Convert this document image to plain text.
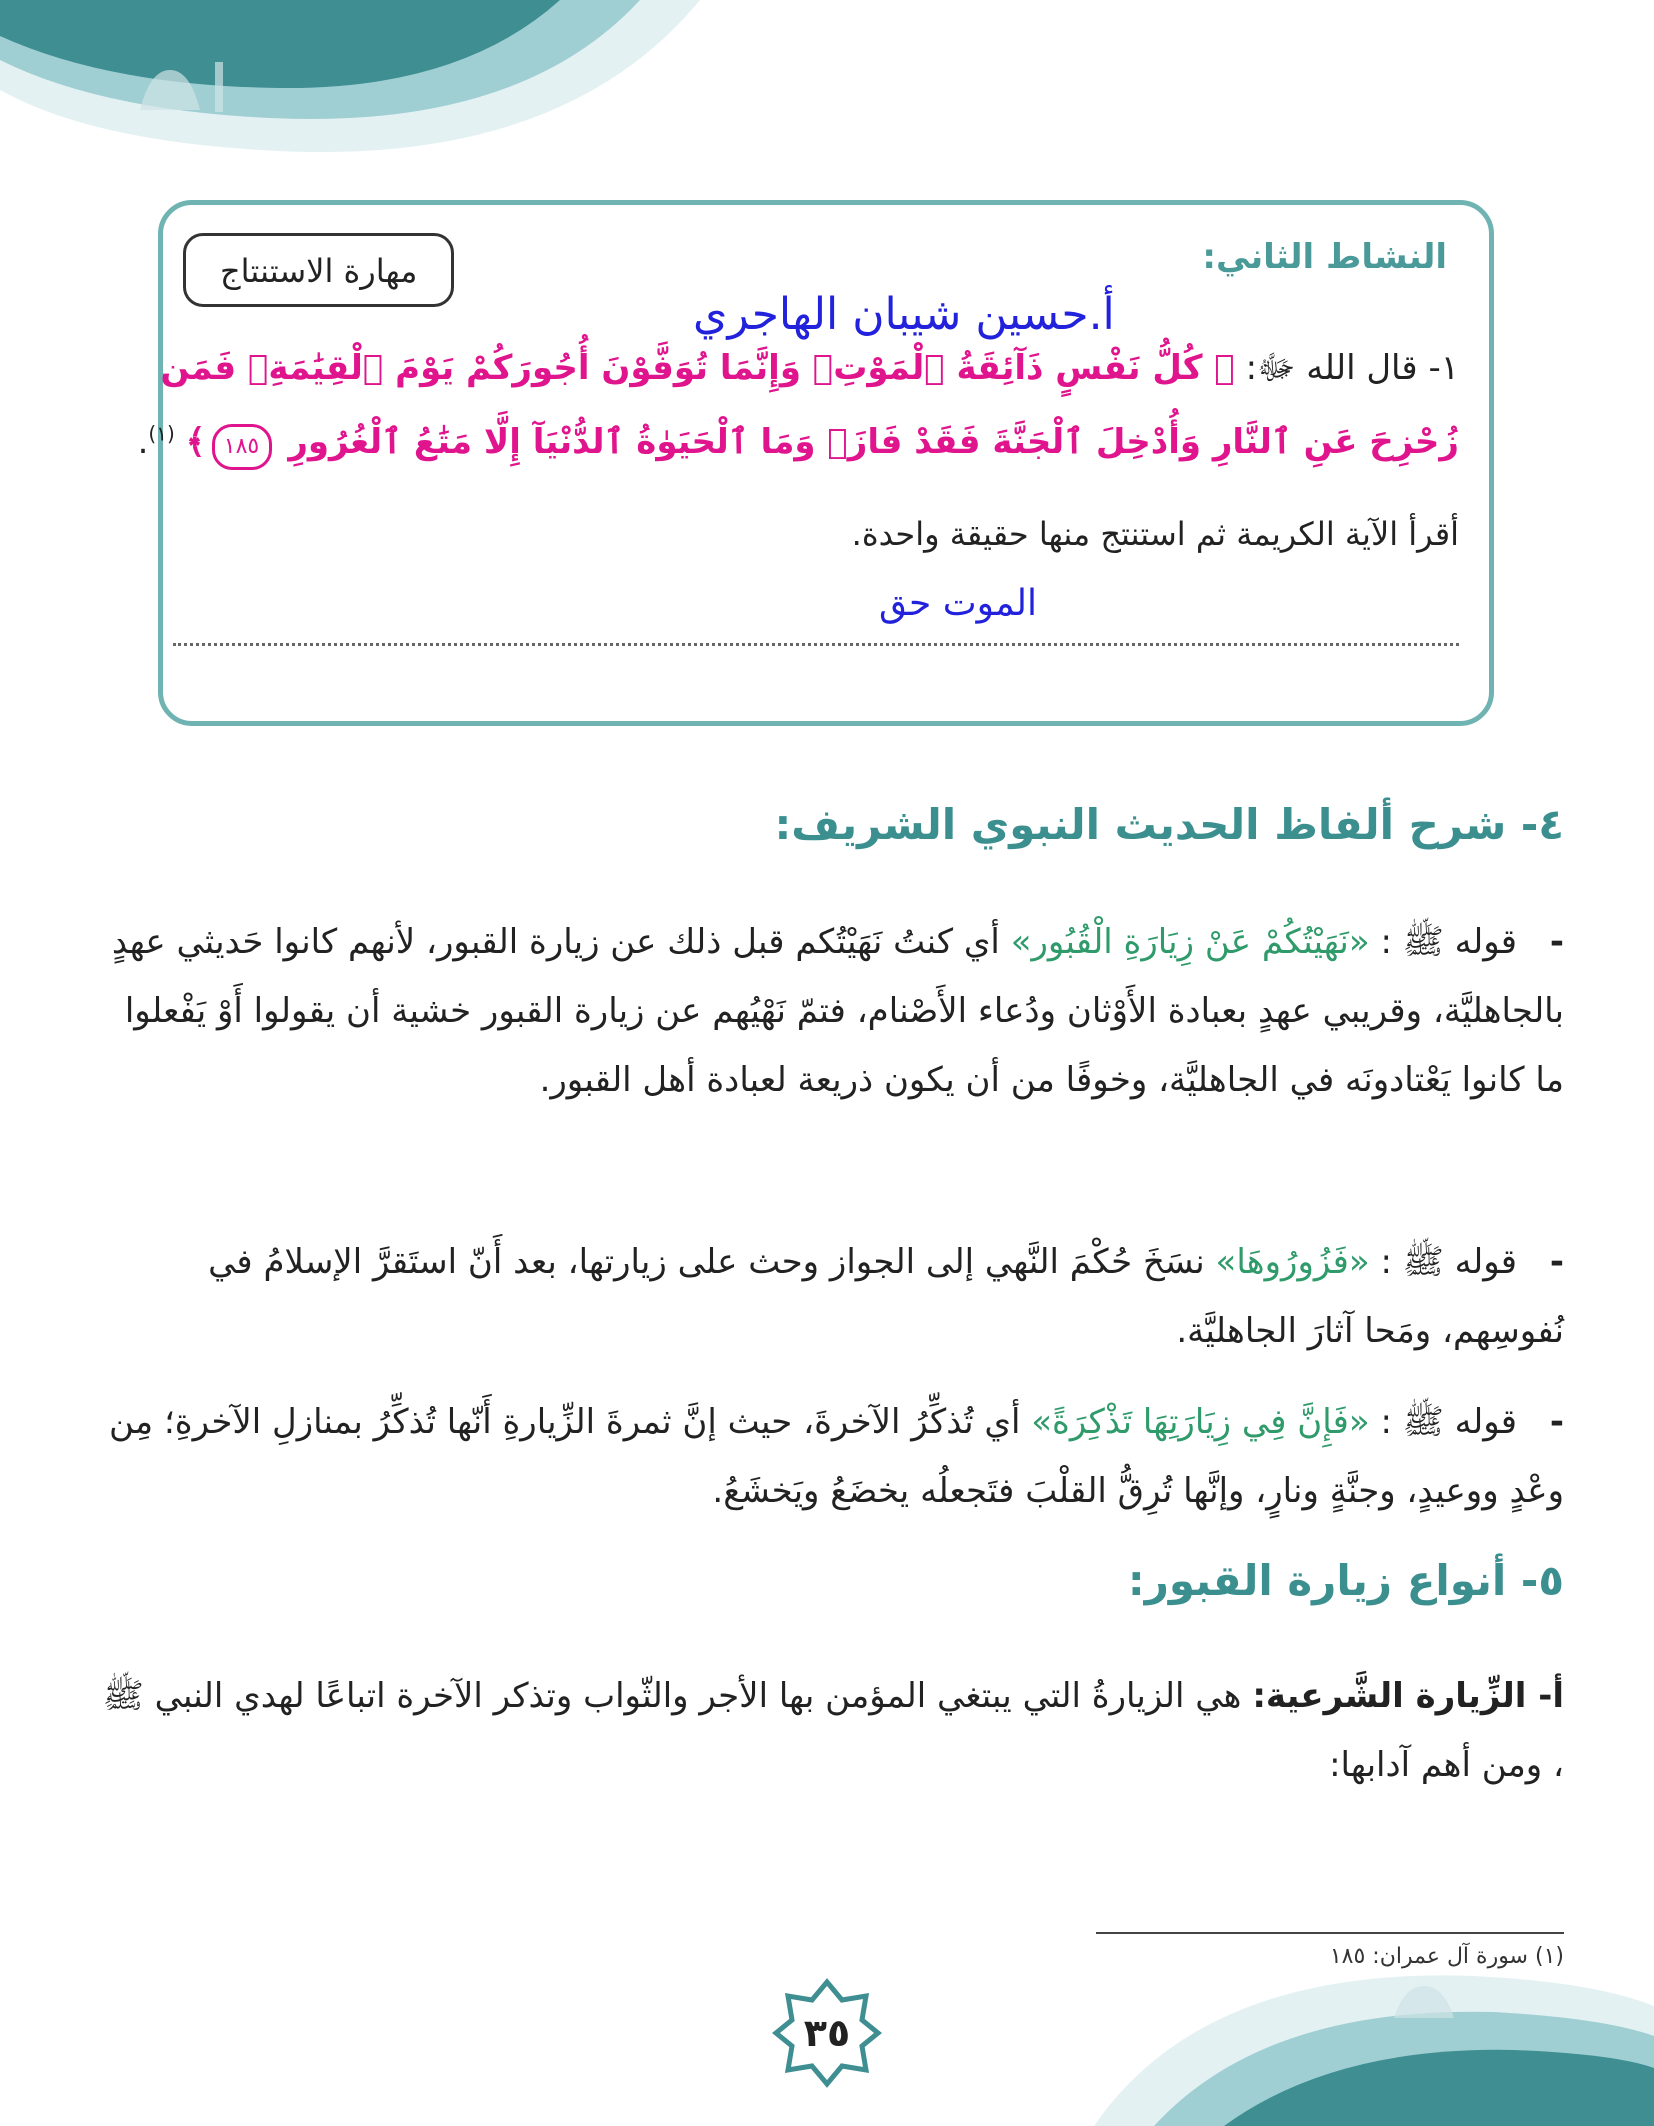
النشاط الثاني:
مهارة الاستنتاج
أ.حسين شيبان الهاجري
١- قال الله ﷻ: ﴿ كُلُّ نَفْسٍ ذَآئِقَةُ ٱلْمَوْتِۗ وَإِنَّمَا تُوَفَّوْنَ أُجُورَكُمْ يَوْمَ ٱلْقِيَٰمَةِۖ فَمَن
زُحْزِحَ عَنِ ٱلنَّارِ وَأُدْخِلَ ٱلْجَنَّةَ فَقَدْ فَازَۗ وَمَا ٱلْحَيَوٰةُ ٱلدُّنْيَآ إِلَّا مَتَٰعُ ٱلْغُرُورِ ١٨٥﴾ $^{(١)}$.
أقرأ الآية الكريمة ثم استنتج منها حقيقة واحدة.
الموت حق
٤- شرح ألفاظ الحديث النبوي الشريف:
- قوله ﷺ : «نَهَيْتُكُمْ عَنْ زِيَارَةِ الْقُبُور» أي كنتُ نَهَيْتُكم قبل ذلك عن زيارة القبور، لأنهم كانوا حَديثي عهدٍ بالجاهليَّة، وقريبي عهدٍ بعبادة الأَوْثان ودُعاء الأَصْنام، فتمّ نَهْيُهم عن زيارة القبور خشية أن يقولوا أَوْ يَفْعلوا ما كانوا يَعْتادونَه في الجاهليَّة، وخوفًا من أن يكون ذريعة لعبادة أهل القبور.
- قوله ﷺ : «فَزُورُوهَا» نسَخَ حُكْمَ النَّهي إلى الجواز وحث على زيارتها، بعد أَنّ استَقرَّ الإسلامُ في نُفوسِهم، ومَحا آثارَ الجاهليَّة.
- قوله ﷺ : «فَإِنَّ فِي زِيَارَتِهَا تَذْكِرَةً» أي تُذكِّرُ الآخرةَ، حيث إنَّ ثمرةَ الزِّيارةِ أَنّها تُذكِّرُ بمنازلِ الآخرةِ؛ مِن وعْدٍ ووعيدٍ، وجنَّةٍ ونارٍ، وإنَّها تُرِقُّ القلْبَ فتَجعلُه يخضَعُ ويَخشَعُ.
٥- أنواع زيارة القبور:
أ- الزِّيارة الشَّرعية: هي الزيارةُ التي يبتغي المؤمن بها الأجر والثّواب وتذكر الآخرة اتباعًا لهدي النبي ﷺ ، ومن أهم آدابها:
(١) سورة آل عمران: ١٨٥
٣٥
